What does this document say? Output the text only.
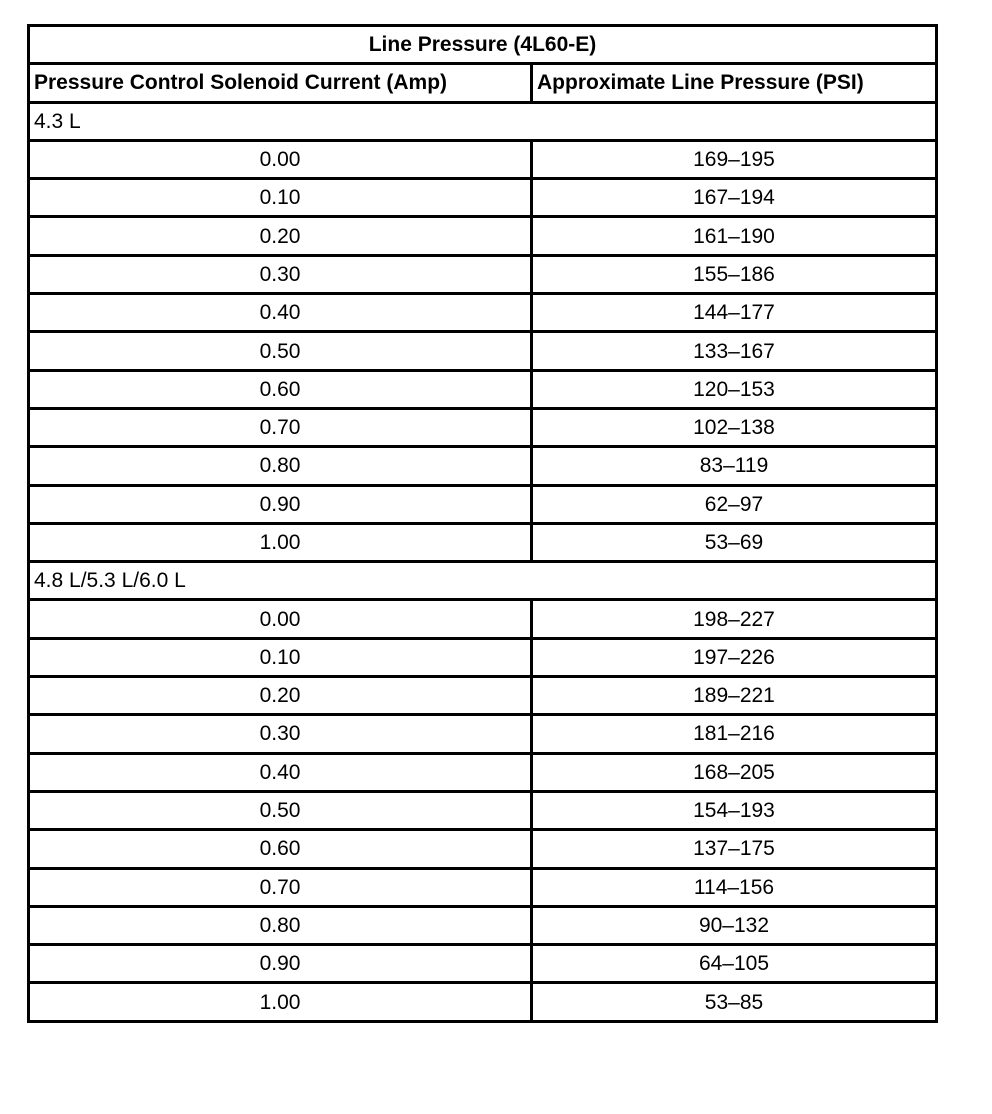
Line Pressure (4L60-E)	
Pressure Control Solenoid Current (Amp)	Approximate Line Pressure (PSI)
4.3 L	
0.00	169–195
0.10	167–194
0.20	161–190
0.30	155–186
0.40	144–177
0.50	133–167
0.60	120–153
0.70	102–138
0.80	83–119
0.90	62–97
1.00	53–69
4.8 L/5.3 L/6.0 L	
0.00	198–227
0.10	197–226
0.20	189–221
0.30	181–216
0.40	168–205
0.50	154–193
0.60	137–175
0.70	114–156
0.80	90–132
0.90	64–105
1.00	53–85
